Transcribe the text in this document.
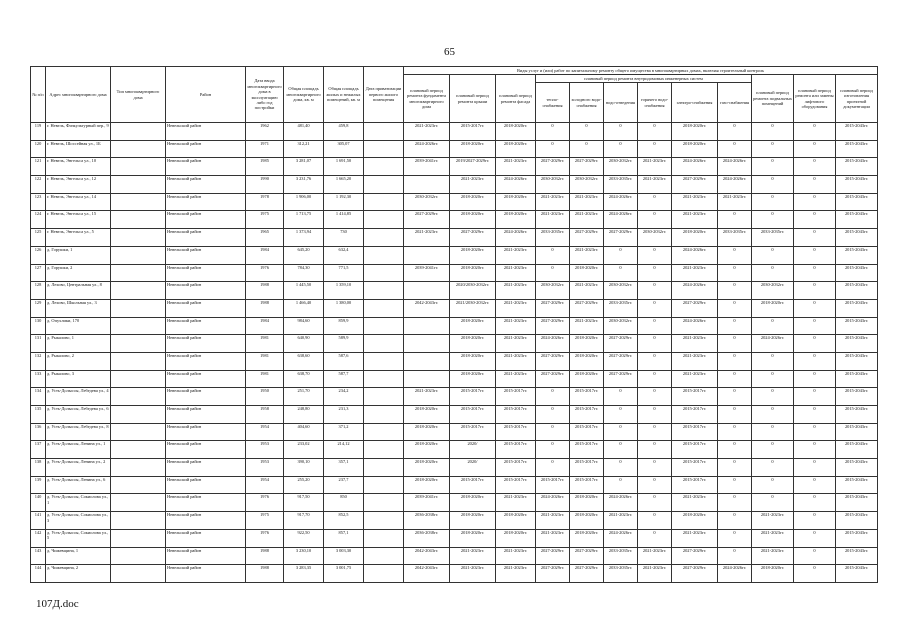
65
№ п/п	Адрес многоквартирного дома	Тип многоквартирного дома	Район	Дата ввода многоквартирного дома в эксплуатацию либо год постройки	Общая площадь многоквартирного дома, кв. м	Общая площадь жилых и нежилых помещений, кв. м	Дата приватизации первого жилого помещения	Виды услуг и (или) работ по капитальному ремонту общего имущества в многоквартирных домах, включая строительный контроль											
								плановый период ремонта фундамента многоквартирного дома	плановый период ремонта крыши	плановый период ремонта фасада	плановый период ремонта внутридомовых инженерных систем						плановый период ремонта подвальных помещений	плановый период ремонта или замены лифтового оборудования	плановый период изготовления проектной документации
											тепло-снабжения	холодного водо-снабжения	водо-отведения	горячего водо-снабжения	электро-снабжения	газо-снабжения			
119	г. Невель, Физкультурный пер., 9		Невельский район	1962	481,40	459,8		2021-2023гг.	2015-2017гг.	2018-2020гг.	0	0	0	0	2018-2020гг.	0	0	0	2015-2043гг.
120	г. Невель, Шоссейная ул., 1Б		Невельский район	1971	312,21	305,07		2024-2026гг.	2018-2020гг.	2018-2020гг.	0	0	0	0	2018-2020гг.	0	0	0	2015-2043гг.
121	г. Невель, Энгельса ул., 10		Невельский район	1985	3 281,07	1 691,50		2039-2041гг.	2019/2027-2029гг.	2021-2023гг.	2027-2029гг.	2027-2029гг.	2030-2032гг.	2021-2023гг.	2024-2026гг.	2024-2026гг.	0	0	2015-2043гг.
122	г. Невель, Энгельса ул., 12		Невельский район	1990	3 231,76	1 665,20			2021-2023гг.	2024-2026гг.	2030-2032гг.	2030-2032гг.	2033-2035гг.	2021-2023гг.	2027-2029гг.	2024-2026гг.	0	0	2015-2043гг.
123	г. Невель, Энгельса ул., 14		Невельский район	1978	1 906,00	1 192,30		2030-2032гг.	2018-2020гг.	2018-2020гг.	2021-2023гг.	2021-2023гг.	2024-2026гг.	0	2021-2023гг.	2021-2023гг.	0	0	2015-2043гг.
124	г. Невель, Энгельса ул., 15		Невельский район	1975	1 713,75	1 414,85		2027-2029гг.	2018-2020гг.	2018-2020гг.	2021-2023гг.	2021-2023гг.	2024-2026гг.	0	2021-2023гг.	0	0	0	2015-2043гг.
125	г. Невель, Энгельса ул., 5		Невельский район	1965	1 373,94	730		2021-2023гг.	2027-2029гг.	2024-2026гг.	2033-2035гг.	2027-2029гг.	2027-2029гг.	2030-2032гг.	2018-2020гг.	2033-2035гг.	2033-2035гг.	0	2015-2043гг.
126	д. Горушки, 1		Невельский район	1984	645,20	632,4			2018-2020гг.	2021-2023гг.	0	2021-2023гг.	0	0	2024-2026гг.	0	0	0	2015-2043гг.
127	д. Горушки, 2		Невельский район	1976	784,30	771,5		2039-2041гг.	2018-2020гг.	2021-2023гг.	0	2018-2020гг.	0	0	2021-2023гг.	0	0	0	2015-2043гг.
128	д. Лехово, Центральная ул., 8		Невельский район	1988	1 445,50	1 359,10			2020/2030-2032гг.	2021-2023гг.	2030-2032гг.	2021-2023гг.	2030-2032гг.	0	2024-2026гг.	0	2030-2032гг.	0	2015-2043гг.
129	д. Лехово, Школьная ул., 3		Невельский район	1988	1 466,40	1 380,00		2042-2043гг.	2021/2030-2032гг.	2021-2023гг.	2027-2029гг.	2027-2029гг.	2033-2035гг.	0	2027-2029гг.	0	2018-2020гг.	0	2015-2043гг.
130	д. Опухлики, 170		Невельский район	1984	984,60	859,9			2018-2020гг.	2021-2023гг.	2027-2029гг.	2021-2023гг.	2030-2032гг.	0	2024-2026гг.	0	0	0	2015-2043гг.
131	д. Рыкалово, 1		Невельский район	1981	640,90	589,9			2018-2020гг.	2021-2023гг.	2024-2026гг.	2018-2020гг.	2027-2029гг.	0	2021-2023гг.	0	2024-2026гг.	0	2015-2043гг.
132	д. Рыкалово, 2		Невельский район	1981	638,60	587,6			2018-2020гг.	2021-2023гг.	2027-2029гг.	2018-2020гг.	2027-2029гг.	0	2021-2023гг.	0	0	0	2015-2043гг.
133	д. Рыкалово, 3		Невельский район	1981	638,70	587,7			2018-2020гг.	2021-2023гг.	2027-2029гг.	2018-2020гг.	2027-2029гг.	0	2021-2023гг.	0	0	0	2015-2043гг.
134	д. Усть-Долыссы, Лебедева ул., 4		Невельский район	1950	251,70	234,2		2021-2023гг.	2015-2017гг.	2015-2017гг.	0	2015-2017гг.	0	0	2015-2017гг.	0	0	0	2015-2043гг.
135	д. Усть-Долыссы, Лебедева ул., 6		Невельский район	1958	248,80	231,3		2018-2020гг.	2015-2017гг.	2015-2017гг.	0	2015-2017гг.	0	0	2015-2017гг.	0	0	0	2015-2043гг.
136	д. Усть-Долыссы, Лебедева ул., 8		Невельский район	1954	404,60	371,2		2018-2020гг.	2015-2017гг.	2015-2017гг.	0	2015-2017гг.	0	0	2015-2017гг.	0	0	0	2015-2043гг.
137	д. Усть-Долыссы, Ленина ул., 1		Невельский район	1953	233,02	214,12		2018-2020гг.	2020/	2015-2017гг.	0	2015-2017гг.	0	0	2015-2017гг.	0	0	0	2015-2043гг.
138	д. Усть-Долыссы, Ленина ул., 2		Невельский район	1953	390,10	357,1		2018-2020гг.	2020/	2015-2017гг.	0	2015-2017гг.	0	0	2015-2017гг.	0	0	0	2015-2043гг.
139	д. Усть-Долыссы, Ленина ул., 6		Невельский район	1954	255,20	237,7		2018-2020гг.	2015-2017гг.	2015-2017гг.	2015-2017гг.	2015-2017гг.	0	0	2015-2017гг.	0	0	0	2015-2043гг.
140	д. Усть-Долыссы, Сокиолова ул., 1		Невельский район	1976	917,50	850		2039-2041гг.	2018-2020гг.	2021-2023гг.	2024-2026гг.	2018-2020гг.	2024-2026гг.	0	2021-2023гг.	0	0	0	2015-2043гг.
141	д. Усть-Долыссы, Сокиолова ул., 3		Невельский район	1975	917,70	852,5		2036-2038гг.	2018-2020гг.	2018-2020гг.	2021-2023гг.	2018-2020гг.	2021-2023гг.	0	2018-2020гг.	0	2021-2023гг.	0	2015-2043гг.
142	д. Усть-Долыссы, Сокиолова ул., 5		Невельский район	1976	922,50	857,1		2036-2038гг.	2018-2020гг.	2018-2020гг.	2021-2023гг.	2018-2020гг.	2024-2026гг.	0	2021-2023гг.	0	2021-2023гг.	0	2015-2043гг.
143	д. Чижевщина, 1		Невельский район	1988	3 230,10	3 003,30		2042-2043гг.	2021-2023гг.	2021-2023гг.	2027-2029гг.	2027-2029гг.	2033-2035гг.	2021-2023гг.	2027-2029гг.	0	2021-2023гг.	0	2015-2043гг.
144	д. Чижевщина, 2		Невельский район	1988	3 283,35	3 001,75		2042-2043гг.	2021-2023гг.	2021-2023гг.	2027-2029гг.	2027-2029гг.	2033-2035гг.	2021-2023гг.	2027-2029гг.	2024-2026гг.	2018-2020гг.	0	2015-2043гг.
107Д.doc
